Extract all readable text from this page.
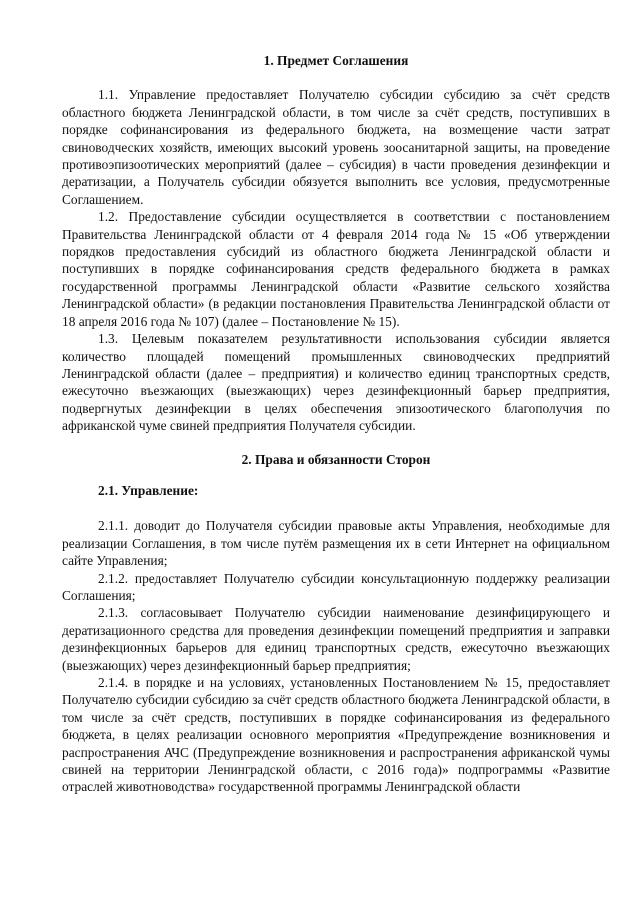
1. Предмет Соглашения

1.1. Управление предоставляет Получателю субсидии субсидию за счёт средств областного бюджета Ленинградской области, в том числе за счёт средств, поступивших в порядке софинансирования из федерального бюджета, на возмещение части затрат свиноводческих хозяйств, имеющих высокий уровень зоосанитарной защиты, на проведение противоэпизоотических мероприятий (далее – субсидия) в части проведения дезинфекции и дератизации, а Получатель субсидии обязуется выполнить все условия, предусмотренные Соглашением.

1.2. Предоставление субсидии осуществляется в соответствии с постановлением Правительства Ленинградской области от 4 февраля 2014 года № 15 «Об утверждении порядков предоставления субсидий из областного бюджета Ленинградской области и поступивших в порядке софинансирования средств федерального бюджета в рамках государственной программы Ленинградской области «Развитие сельского хозяйства Ленинградской области» (в редакции постановления Правительства Ленинградской области от 18 апреля 2016 года № 107) (далее – Постановление № 15).

1.3. Целевым показателем результативности использования субсидии является количество площадей помещений промышленных свиноводческих предприятий Ленинградской области (далее – предприятия) и количество единиц транспортных средств, ежесуточно въезжающих (выезжающих) через дезинфекционный барьер предприятия, подвергнутых дезинфекции в целях обеспечения эпизоотического благополучия по африканской чуме свиней предприятия Получателя субсидии.

2. Права и обязанности Сторон
2.1. Управление:

2.1.1. доводит до Получателя субсидии правовые акты Управления, необходимые для реализации Соглашения, в том числе путём размещения их в сети Интернет на официальном сайте Управления;

2.1.2. предоставляет Получателю субсидии консультационную поддержку реализации Соглашения;

2.1.3. согласовывает Получателю субсидии наименование дезинфицирующего и дератизационного средства для проведения дезинфекции помещений предприятия и заправки дезинфекционных барьеров для единиц транспортных средств, ежесуточно въезжающих (выезжающих) через дезинфекционный барьер предприятия;

2.1.4. в порядке и на условиях, установленных Постановлением № 15, предоставляет Получателю субсидии субсидию за счёт средств областного бюджета Ленинградской области, в том числе за счёт средств, поступивших в порядке софинансирования из федерального бюджета, в целях реализации основного мероприятия «Предупреждение возникновения и распространения АЧС (Предупреждение возникновения и распространения африканской чумы свиней на территории Ленинградской области, с 2016 года)» подпрограммы «Развитие отраслей животноводства» государственной программы Ленинградской области
